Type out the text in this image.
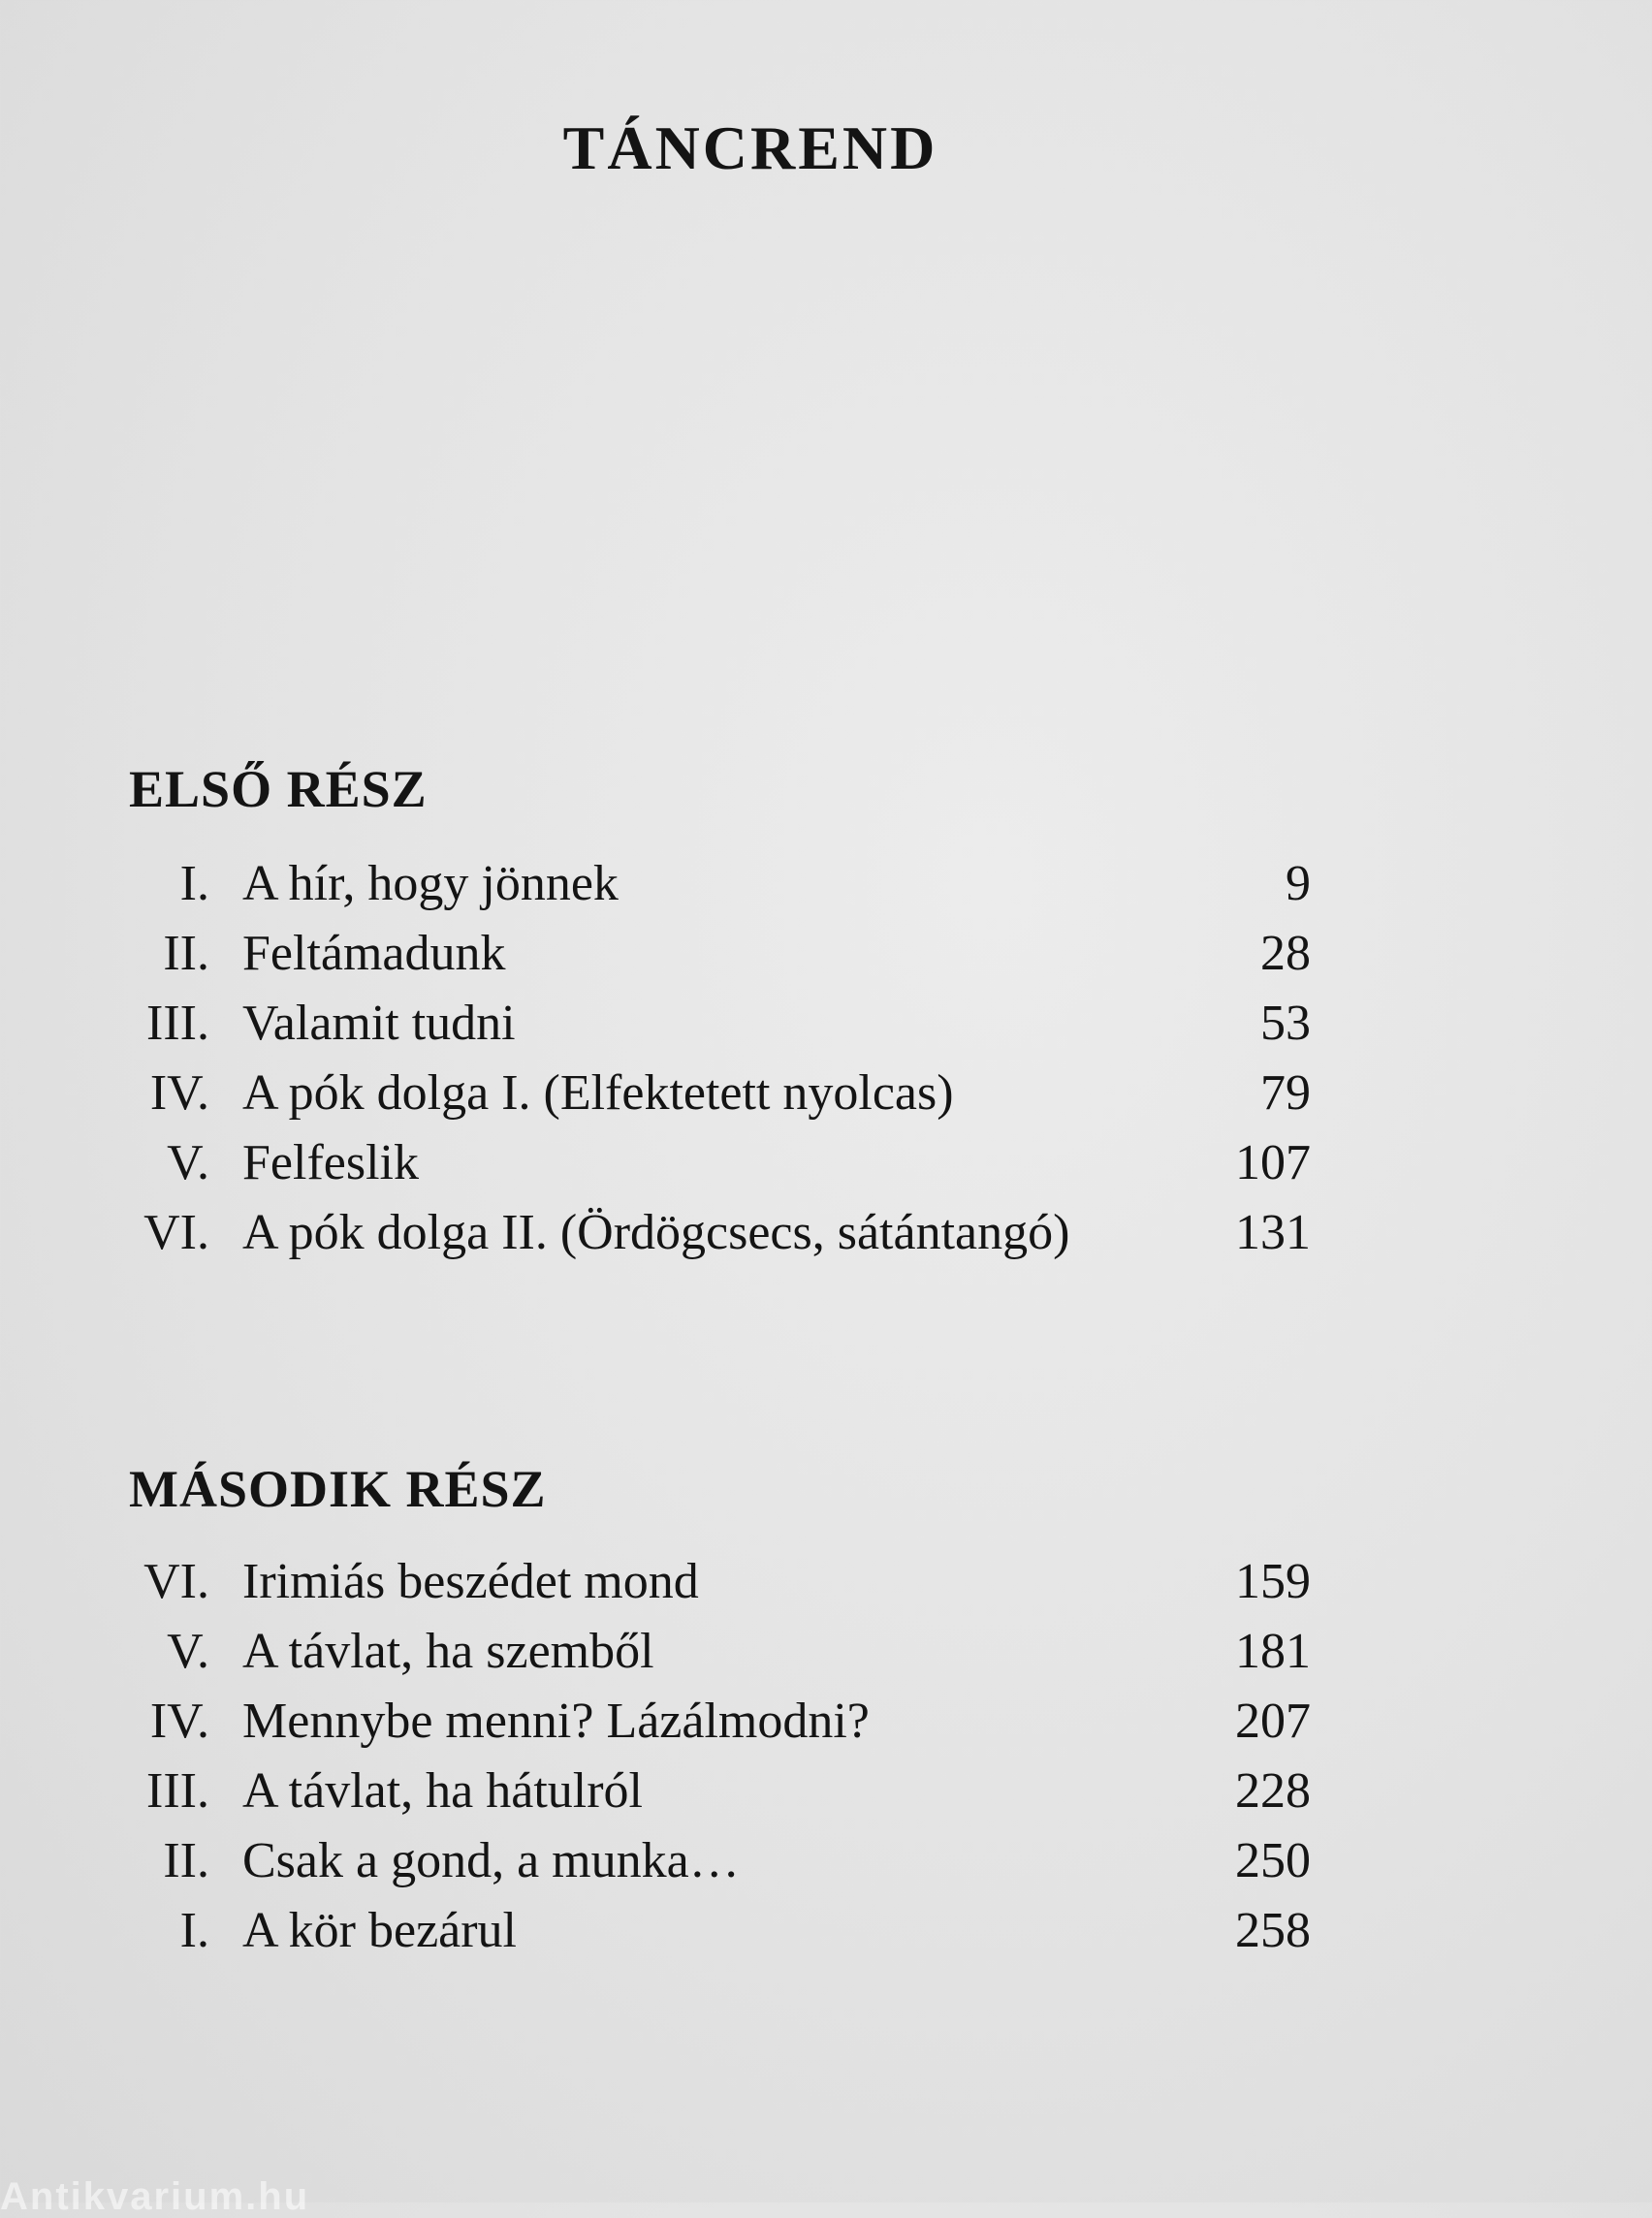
TÁNCREND
ELSŐ RÉSZ
I. A hír, hogy jönnek	9
II. Feltámadunk	28
III. Valamit tudni	53
IV. A pók dolga I. (Elfektetett nyolcas)	79
V. Felfeslik	107
VI. A pók dolga II. (Ördögcsecs, sátántangó)	131
MÁSODIK RÉSZ
VI. Irimiás beszédet mond	159
V. A távlat, ha szemből	181
IV. Mennybe menni? Lázálmodni?	207
III. A távlat, ha hátulról	228
II. Csak a gond, a munka…	250
I. A kör bezárul	258
Antikvarium.hu
